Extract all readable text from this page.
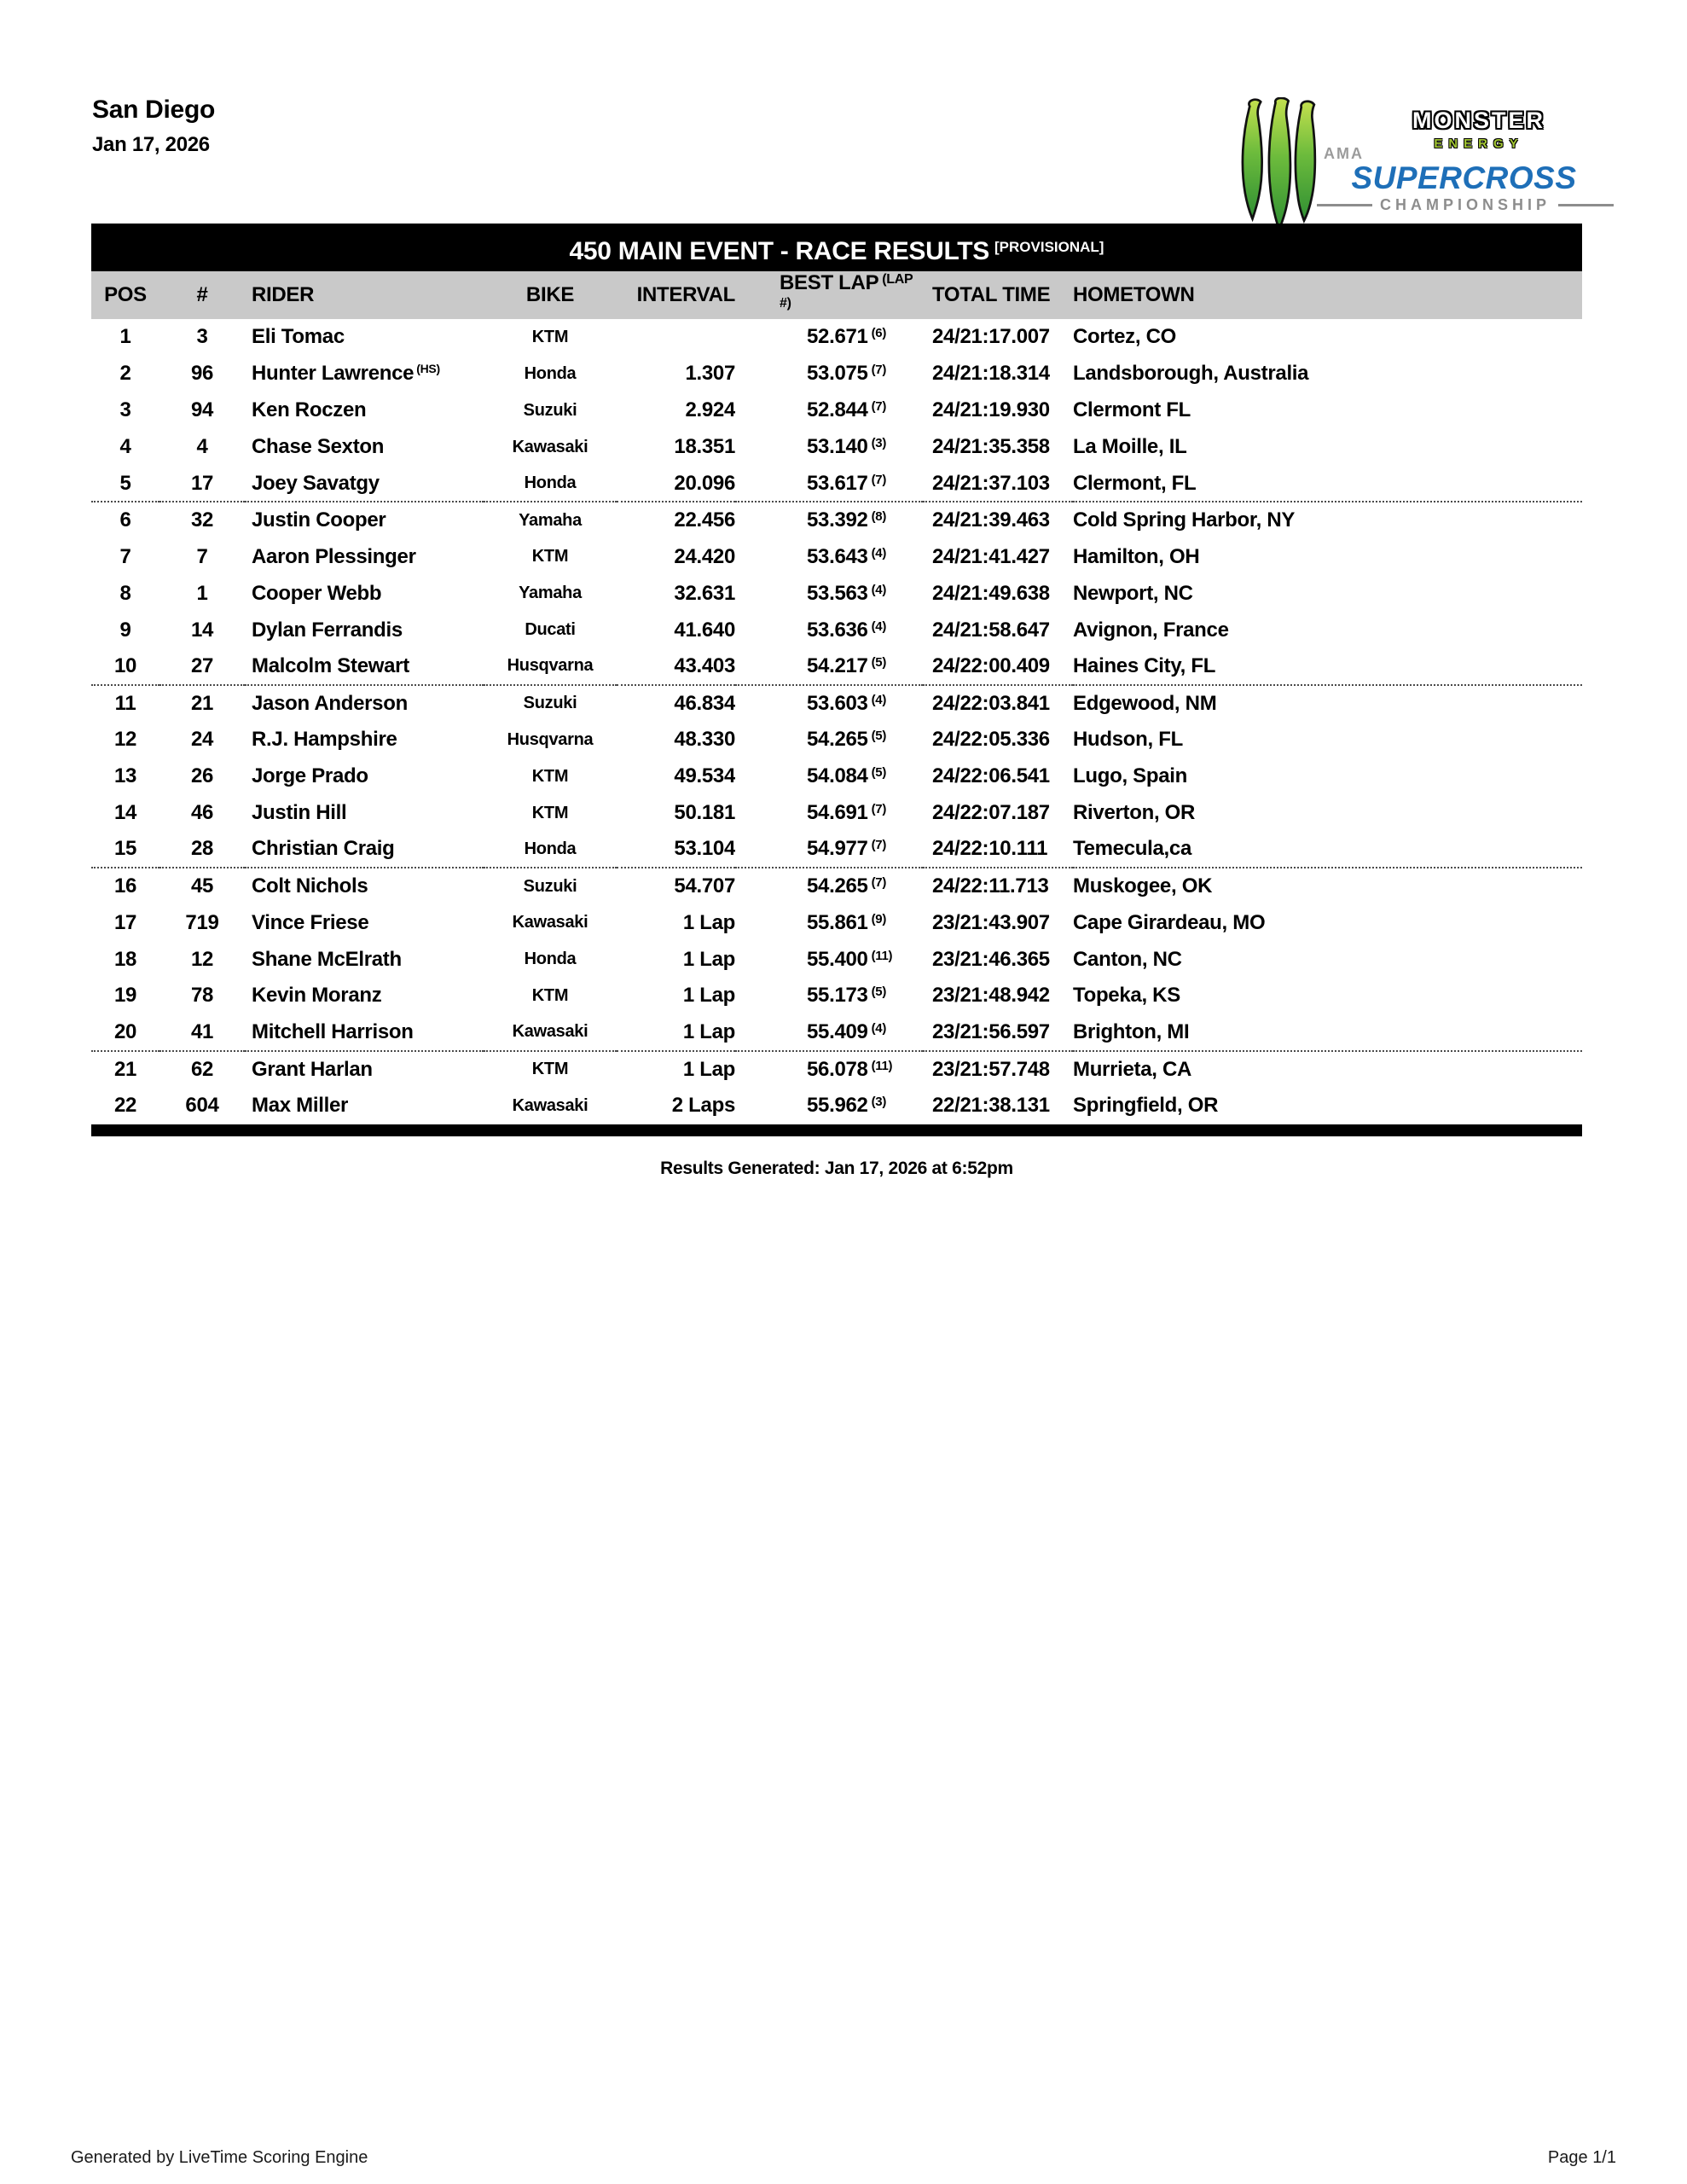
San Diego
Jan 17, 2026
MONSTER
ENERGY
AMA
SUPERCROSS
CHAMPIONSHIP
450 MAIN EVENT - RACE RESULTS [PROVISIONAL]
POS	#	RIDER	BIKE	INTERVAL	BEST LAP $^{(LAP \#)}$	TOTAL TIME	HOMETOWN
1	3	Eli Tomac	KTM		52.671 $^{(6)}$	24/21:17.007	Cortez, CO
2	96	Hunter Lawrence $^{(HS)}$	Honda	1.307	53.075 $^{(7)}$	24/21:18.314	Landsborough, Australia
3	94	Ken Roczen	Suzuki	2.924	52.844 $^{(7)}$	24/21:19.930	Clermont FL
4	4	Chase Sexton	Kawasaki	18.351	53.140 $^{(3)}$	24/21:35.358	La Moille, IL
5	17	Joey Savatgy	Honda	20.096	53.617 $^{(7)}$	24/21:37.103	Clermont, FL
6	32	Justin Cooper	Yamaha	22.456	53.392 $^{(8)}$	24/21:39.463	Cold Spring Harbor, NY
7	7	Aaron Plessinger	KTM	24.420	53.643 $^{(4)}$	24/21:41.427	Hamilton, OH
8	1	Cooper Webb	Yamaha	32.631	53.563 $^{(4)}$	24/21:49.638	Newport, NC
9	14	Dylan Ferrandis	Ducati	41.640	53.636 $^{(4)}$	24/21:58.647	Avignon, France
10	27	Malcolm Stewart	Husqvarna	43.403	54.217 $^{(5)}$	24/22:00.409	Haines City, FL
11	21	Jason Anderson	Suzuki	46.834	53.603 $^{(4)}$	24/22:03.841	Edgewood, NM
12	24	R.J. Hampshire	Husqvarna	48.330	54.265 $^{(5)}$	24/22:05.336	Hudson, FL
13	26	Jorge Prado	KTM	49.534	54.084 $^{(5)}$	24/22:06.541	Lugo, Spain
14	46	Justin Hill	KTM	50.181	54.691 $^{(7)}$	24/22:07.187	Riverton, OR
15	28	Christian Craig	Honda	53.104	54.977 $^{(7)}$	24/22:10.111	Temecula,ca
16	45	Colt Nichols	Suzuki	54.707	54.265 $^{(7)}$	24/22:11.713	Muskogee, OK
17	719	Vince Friese	Kawasaki	1 Lap	55.861 $^{(9)}$	23/21:43.907	Cape Girardeau, MO
18	12	Shane McElrath	Honda	1 Lap	55.400 $^{(11)}$	23/21:46.365	Canton, NC
19	78	Kevin Moranz	KTM	1 Lap	55.173 $^{(5)}$	23/21:48.942	Topeka, KS
20	41	Mitchell Harrison	Kawasaki	1 Lap	55.409 $^{(4)}$	23/21:56.597	Brighton, MI
21	62	Grant Harlan	KTM	1 Lap	56.078 $^{(11)}$	23/21:57.748	Murrieta, CA
22	604	Max Miller	Kawasaki	2 Laps	55.962 $^{(3)}$	22/21:38.131	Springfield, OR
Results Generated: Jan 17, 2026 at 6:52pm
Generated by LiveTime Scoring Engine	Page 1/1
